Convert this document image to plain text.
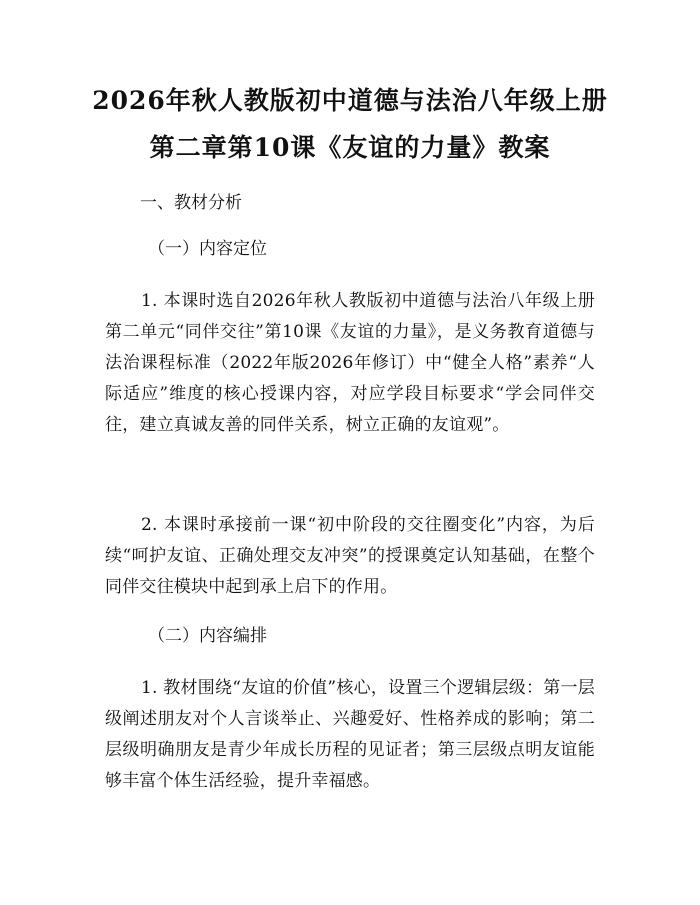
2026年秋人教版初中道德与法治八年级上册
第二章第10课《友谊的力量》教案
一、教材分析
（一）内容定位
1. 本课时选自2026年秋人教版初中道德与法治八年级上册第二单元“同伴交往”第10课《友谊的力量》，是义务教育道德与法治课程标准（2022年版2026年修订）中“健全人格”素养“人际适应”维度的核心授课内容，对应学段目标要求“学会同伴交往，建立真诚友善的同伴关系，树立正确的友谊观”。
2. 本课时承接前一课“初中阶段的交往圈变化”内容，为后续“呵护友谊、正确处理交友冲突”的授课奠定认知基础，在整个同伴交往模块中起到承上启下的作用。
（二）内容编排
1. 教材围绕“友谊的价值”核心，设置三个逻辑层级：第一层级阐述朋友对个人言谈举止、兴趣爱好、性格养成的影响；第二层级明确朋友是青少年成长历程的见证者；第三层级点明友谊能够丰富个体生活经验，提升幸福感。
